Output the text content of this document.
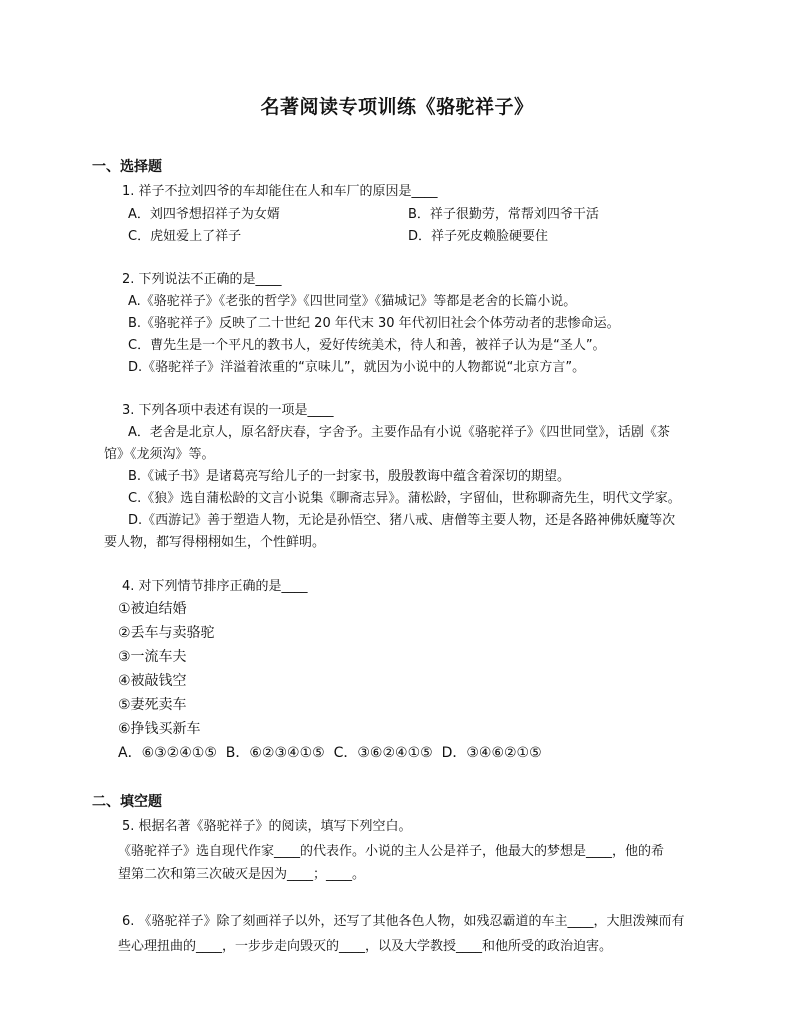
名著阅读专项训练《骆驼祥子》
一、选择题
1. 祥子不拉刘四爷的车却能住在人和车厂的原因是____
A．刘四爷想招祥子为女婿	B．祥子很勤劳，常帮刘四爷干活
C．虎妞爱上了祥子	D．祥子死皮赖脸硬要住
2. 下列说法不正确的是____
A.《骆驼祥子》《老张的哲学》《四世同堂》《猫城记》等都是老舍的长篇小说。
B.《骆驼祥子》反映了二十世纪 20 年代末 30 年代初旧社会个体劳动者的悲惨命运。
C．曹先生是一个平凡的教书人，爱好传统美术，待人和善，被祥子认为是“圣人”。
D.《骆驼祥子》洋溢着浓重的“京味儿”，就因为小说中的人物都说“北京方言”。
3. 下列各项中表述有误的一项是____
A．老舍是北京人，原名舒庆春，字舍予。主要作品有小说《骆驼祥子》《四世同堂》，话剧《茶
馆》《龙须沟》等。
B.《诫子书》是诸葛亮写给儿子的一封家书，殷殷教诲中蕴含着深切的期望。
C.《狼》选自蒲松龄的文言小说集《聊斋志异》。蒲松龄，字留仙，世称聊斋先生，明代文学家。
D.《西游记》善于塑造人物，无论是孙悟空、猪八戒、唐僧等主要人物，还是各路神佛妖魔等次
要人物，都写得栩栩如生，个性鲜明。
4. 对下列情节排序正确的是____
①被迫结婚
②丢车与卖骆驼
③一流车夫
④被敲钱空
⑤妻死卖车
⑥挣钱买新车
A．⑥③②④①⑤  B．⑥②③④①⑤  C．③⑥②④①⑤  D．③④⑥②①⑤
二、填空题
5. 根据名著《骆驼祥子》的阅读，填写下列空白。
《骆驼祥子》选自现代作家____的代表作。小说的主人公是祥子，他最大的梦想是____，他的希
望第二次和第三次破灭是因为____；____。
6. 《骆驼祥子》除了刻画祥子以外，还写了其他各色人物，如残忍霸道的车主____，大胆泼辣而有
些心理扭曲的____，一步步走向毁灭的____，以及大学教授____和他所受的政治迫害。
